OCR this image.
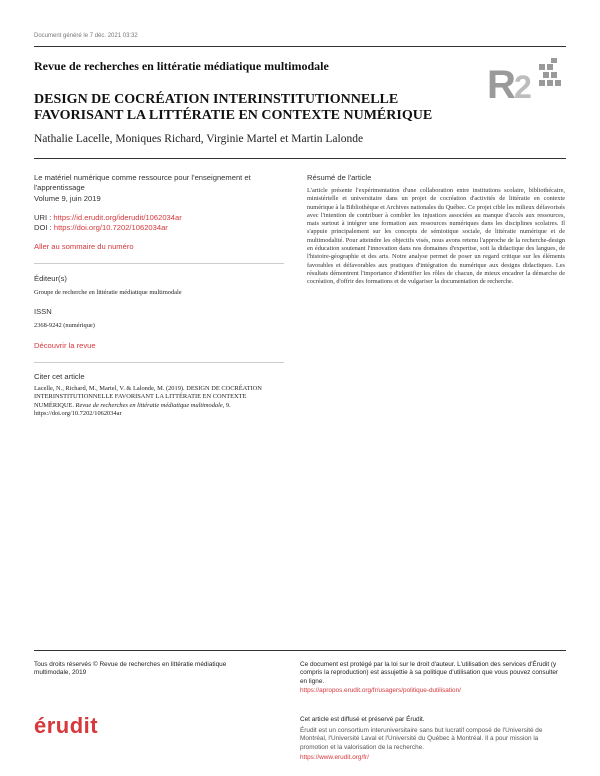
Document généré le 7 déc. 2021 03:32
Revue de recherches en littératie médiatique multimodale	R
2
DESIGN DE COCRÉATION INTERINSTITUTIONNELLE FAVORISANT LA LITTÉRATIE EN CONTEXTE NUMÉRIQUE
Nathalie Lacelle, Moniques Richard, Virginie Martel et Martin Lalonde
Le matériel numérique comme ressource pour l'enseignement et l'apprentissage
Volume 9, juin 2019
URI : https://id.erudit.org/iderudit/1062034ar
DOI : https://doi.org/10.7202/1062034ar
Aller au sommaire du numéro
Éditeur(s)
Groupe de recherche en littératie médiatique multimodale
ISSN
2368-9242 (numérique)
Découvrir la revue
Citer cet article
Lacelle, N., Richard, M., Martel, V. & Lalonde, M. (2019). DESIGN DE COCRÉATION INTERINSTITUTIONNELLE FAVORISANT LA LITTÉRATIE EN CONTEXTE NUMÉRIQUE. Revue de recherches en littératie médiatique multimodale, 9. https://doi.org/10.7202/1062034ar
Résumé de l'article
L'article présente l'expérimentation d'une collaboration entre institutions scolaire, bibliothécaire, ministérielle et universitaire dans un projet de cocréation d'activités de littératie en contexte numérique à la Bibliothèque et Archives nationales du Québec. Ce projet cible les milieux défavorisés avec l'intention de contribuer à combler les injustices associées au manque d'accès aux ressources, mais surtout à intégrer une formation aux ressources numériques dans les disciplines scolaires. Il s'appuie principalement sur les concepts de sémiotique sociale, de littératie numérique et de multimodalité. Pour atteindre les objectifs visés, nous avons retenu l'approche de la recherche-design en éducation soutenant l'innovation dans nos domaines d'expertise, soit la didactique des langues, de l'histoire-géographie et des arts. Notre analyse permet de poser un regard critique sur les éléments favorables et défavorables aux pratiques d'intégration du numérique aux designs didactiques. Les résultats démontrent l'importance d'identifier les rôles de chacun, de mieux encadrer la démarche de cocréation, d'offrir des formations et de vulgariser la documentation de recherche.
Tous droits réservés © Revue de recherches en littératie médiatique multimodale, 2019
Ce document est protégé par la loi sur le droit d'auteur. L'utilisation des services d'Érudit (y compris la reproduction) est assujettie à sa politique d'utilisation que vous pouvez consulter en ligne.
https://apropos.erudit.org/fr/usagers/politique-dutilisation/
érudit	Cet article est diffusé et préservé par Érudit.
Érudit est un consortium interuniversitaire sans but lucratif composé de l'Université de Montréal, l'Université Laval et l'Université du Québec à Montréal. Il a pour mission la promotion et la valorisation de la recherche.
https://www.erudit.org/fr/
